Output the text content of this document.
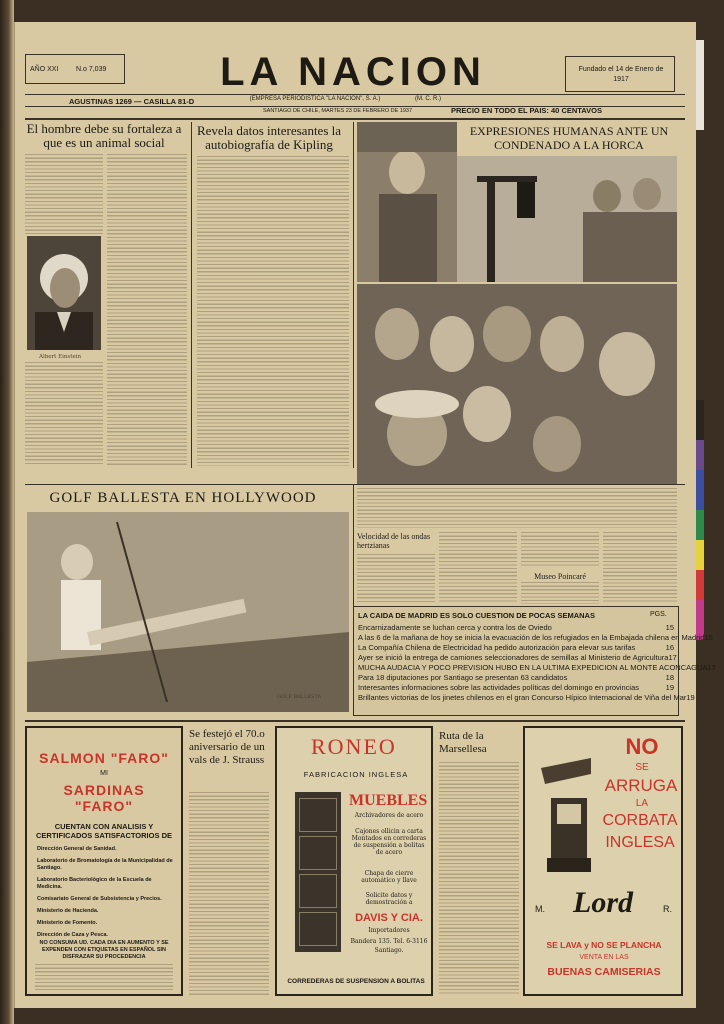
AÑO XXI	N.o 7,039	LA NACION	Fundado el 14 de Enero de 1917
(EMPRESA PERIODISTICA "LA NACION", S. A.)	(M. C. R.)
AGUSTINAS 1269 — CASILLA 81-D
SANTIAGO DE CHILE, MARTES 23 DE FEBRERO DE 1937	PRECIO EN TODO EL PAIS: 40 CENTAVOS
El hombre debe su fortaleza a que es un animal social
Albert Einstein
Revela datos interesantes la autobiografía de Kipling
EXPRESIONES HUMANAS ANTE UN CONDENADO A LA HORCA
GOLF BALLESTA EN HOLLYWOOD
GOLF BALLESTA
Velocidad de las ondas hertzianas
Museo Poincaré
LA CAIDA DE MADRID ES SOLO CUESTION DE POCAS SEMANAS	PGS.
Encarnizadamente se luchan cerca y contra los de Oviedo	15
A las 6 de la mañana de hoy se inicia la evacuación de los refugiados en la Embajada chilena en Madrid 15
La Compañía Chilena de Electricidad ha pedido autorización para elevar sus tarifas	16
Ayer se inició la entrega de camiones seleccionadores de semillas al Ministerio de Agricultura 17
MUCHA AUDACIA Y POCO PREVISION HUBO EN LA ULTIMA EXPEDICION AL MONTE ACONCAGUA 17
Para 18 diputaciones por Santiago se presentan 63 candidatos	18
Interesantes informaciones sobre las actividades políticas del domingo en provincias	19
Brillantes victorias de los jinetes chilenos en el gran Concurso Hípico Internacional de Viña del Mar 19
SALMON "FARO"
MI
SARDINAS "FARO"
CUENTAN CON ANALISIS Y CERTIFICADOS SATISFACTORIOS DE
Dirección General de Sanidad.
Laboratorio de Bromatología de la Municipalidad de Santiago.
Laboratorio Bacteriológico de la Escuela de Medicina.
Comisariato General de Subsistencia y Precios.
Ministerio de Hacienda.
Ministerio de Fomento.
Dirección de Caza y Pesca.
NO CONSUMA UD. CADA DIA EN AUMENTO Y SE EXPENDEN CON ETIQUETAS EN ESPAÑOL SIN DISFRAZAR SU PROCEDENCIA
Se festejó el 70.o aniversario de un vals de J. Strauss
RONEO
FABRICACION INGLESA
MUEBLES
Archivadores de acero
Cajones ollicin a carta Montados en correderas de suspensión a bolitas de acero
Chapa de cierre automático y llave
Solicite datos y demostración a
DAVIS Y CIA.
Importadores
Bandera 135. Tel. 6-3116
Santiago.
CORREDERAS DE SUSPENSION A BOLITAS
Ruta de la Marsellesa	NO
SE
ARRUGA
LA
CORBATA
INGLESA
M. Lord	R.
SE LAVA y NO SE PLANCHA
VENTA EN LAS
BUENAS CAMISERIAS
